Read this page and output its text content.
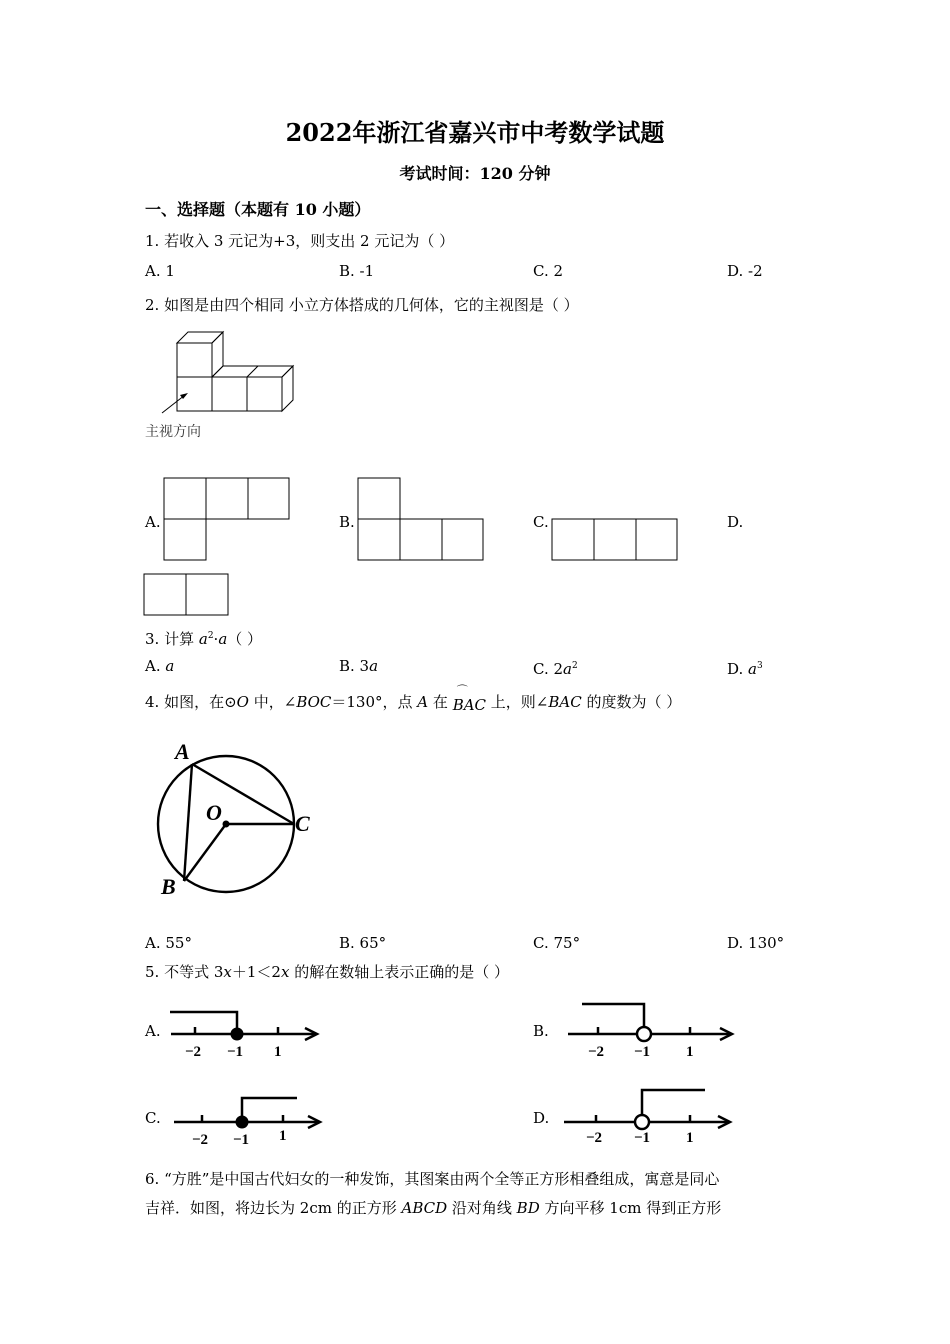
2022年浙江省嘉兴市中考数学试题
考试时间：120 分钟
一、选择题（本题有 10 小题）
1. 若收入 3 元记为+3，则支出 2 元记为（ ）
A. 1	B. -1	C. 2	D. -2
2. 如图是由四个相同 小立方体搭成的几何体，它的主视图是（ ）
主视方向
A.	B.	C.	D.
3. 计算 $a^2\cdot a$（ ）
A. a	B. 3a	C. $2a^2$	D. $a^3$
4. 如图，在⊙O 中，∠BOC＝130°，点 A 在
⌒
BAC 上，则∠BAC 的度数为（ ）
A
O	C
B
A. 55°	B. 65°	C. 75°	D. 130°
5. 不等式 3x＋1＜2x 的解在数轴上表示正确的是（ ）
A.
−2 −1 1
B.
−2 −1 1
C.
−2 −1 1
D.
−2 −1 1
6. “方胜”是中国古代妇女的一种发饰，其图案由两个全等正方形相叠组成，寓意是同心
吉祥．如图，将边长为 2cm 的正方形 ABCD 沿对角线 BD 方向平移 1cm 得到正方形
